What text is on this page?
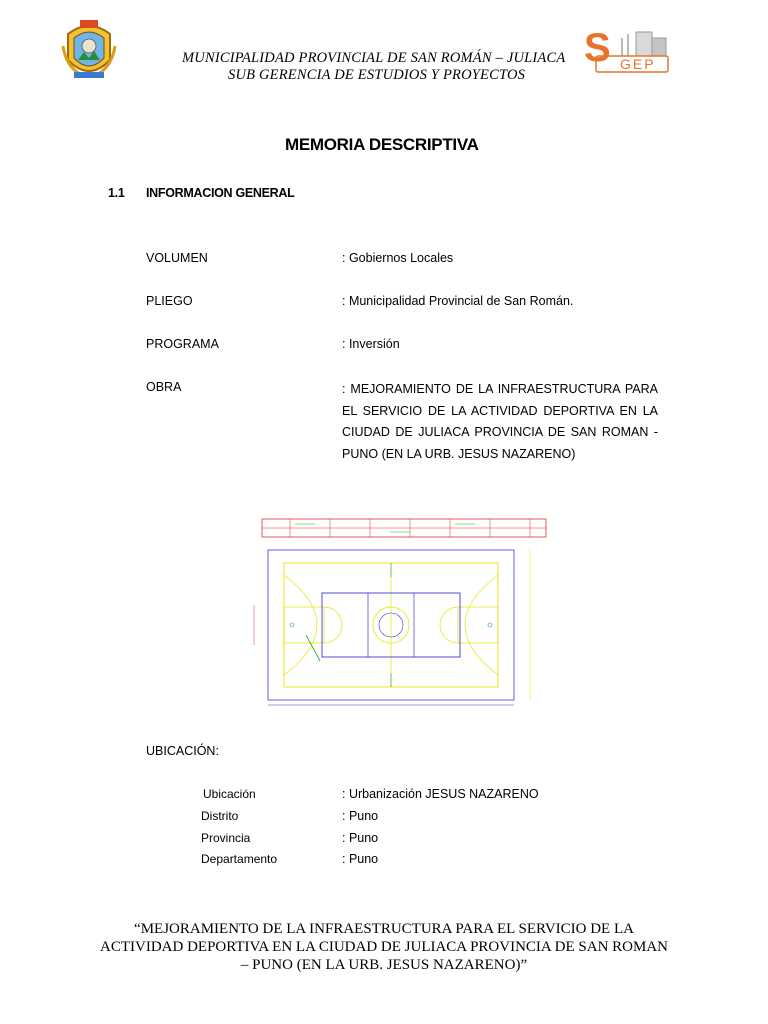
MUNICIPALIDAD PROVINCIAL DE SAN ROMÁN – JULIACA
SUB GERENCIA DE ESTUDIOS Y PROYECTOS
S GEP
MEMORIA DESCRIPTIVA
1.1 INFORMACION GENERAL
VOLUMEN	: Gobiernos Locales
PLIEGO	: Municipalidad Provincial de San Román.
PROGRAMA	: Inversión
OBRA	: MEJORAMIENTO DE LA INFRAESTRUCTURA PARA EL SERVICIO DE LA ACTIVIDAD DEPORTIVA EN LA CIUDAD DE JULIACA PROVINCIA DE SAN ROMAN - PUNO (EN LA URB. JESUS NAZARENO)
UBICACIÓN:
Ubicación	: Urbanización JESUS NAZARENO
Distrito	: Puno
Provincia	: Puno
Departamento	: Puno
“MEJORAMIENTO DE LA INFRAESTRUCTURA PARA EL SERVICIO DE LA ACTIVIDAD DEPORTIVA EN LA CIUDAD DE JULIACA PROVINCIA DE SAN ROMAN – PUNO (EN LA URB. JESUS NAZARENO)”
